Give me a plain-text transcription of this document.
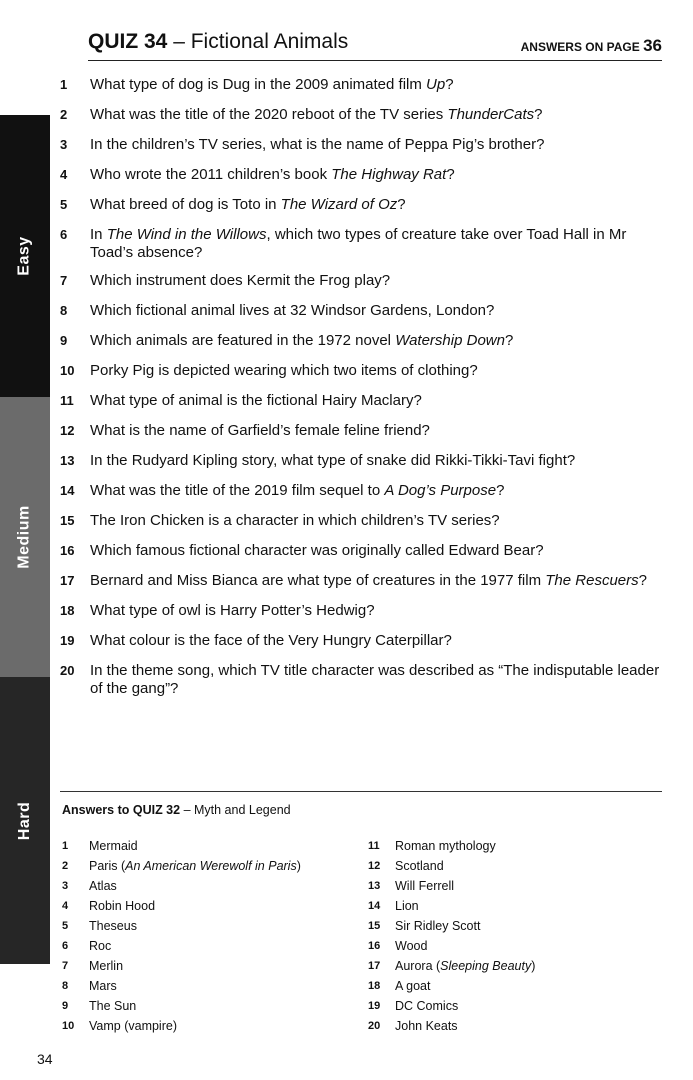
Easy
Medium
Hard
QUIZ 34 – Fictional Animals	ANSWERS ON PAGE 36
1	What type of dog is Dug in the 2009 animated film Up?
2	What was the title of the 2020 reboot of the TV series ThunderCats?
3	In the children’s TV series, what is the name of Peppa Pig’s brother?
4	Who wrote the 2011 children’s book The Highway Rat?
5	What breed of dog is Toto in The Wizard of Oz?
6	In The Wind in the Willows, which two types of creature take over Toad Hall in Mr Toad’s absence?
7	Which instrument does Kermit the Frog play?
8	Which fictional animal lives at 32 Windsor Gardens, London?
9	Which animals are featured in the 1972 novel Watership Down?
10	Porky Pig is depicted wearing which two items of clothing?
11	What type of animal is the fictional Hairy Maclary?
12	What is the name of Garfield’s female feline friend?
13	In the Rudyard Kipling story, what type of snake did Rikki-Tikki-Tavi fight?
14	What was the title of the 2019 film sequel to A Dog’s Purpose?
15	The Iron Chicken is a character in which children’s TV series?
16	Which famous fictional character was originally called Edward Bear?
17	Bernard and Miss Bianca are what type of creatures in the 1977 film The Rescuers?
18	What type of owl is Harry Potter’s Hedwig?
19	What colour is the face of the Very Hungry Caterpillar?
20	In the theme song, which TV title character was described as “The indisputable leader of the gang”?
Answers to QUIZ 32 – Myth and Legend
1	Mermaid
2	Paris (An American Werewolf in Paris)
3	Atlas
4	Robin Hood
5	Theseus
6	Roc
7	Merlin
8	Mars
9	The Sun
10	Vamp (vampire)
11	Roman mythology
12	Scotland
13	Will Ferrell
14	Lion
15	Sir Ridley Scott
16	Wood
17	Aurora (Sleeping Beauty)
18	A goat
19	DC Comics
20	John Keats
34
